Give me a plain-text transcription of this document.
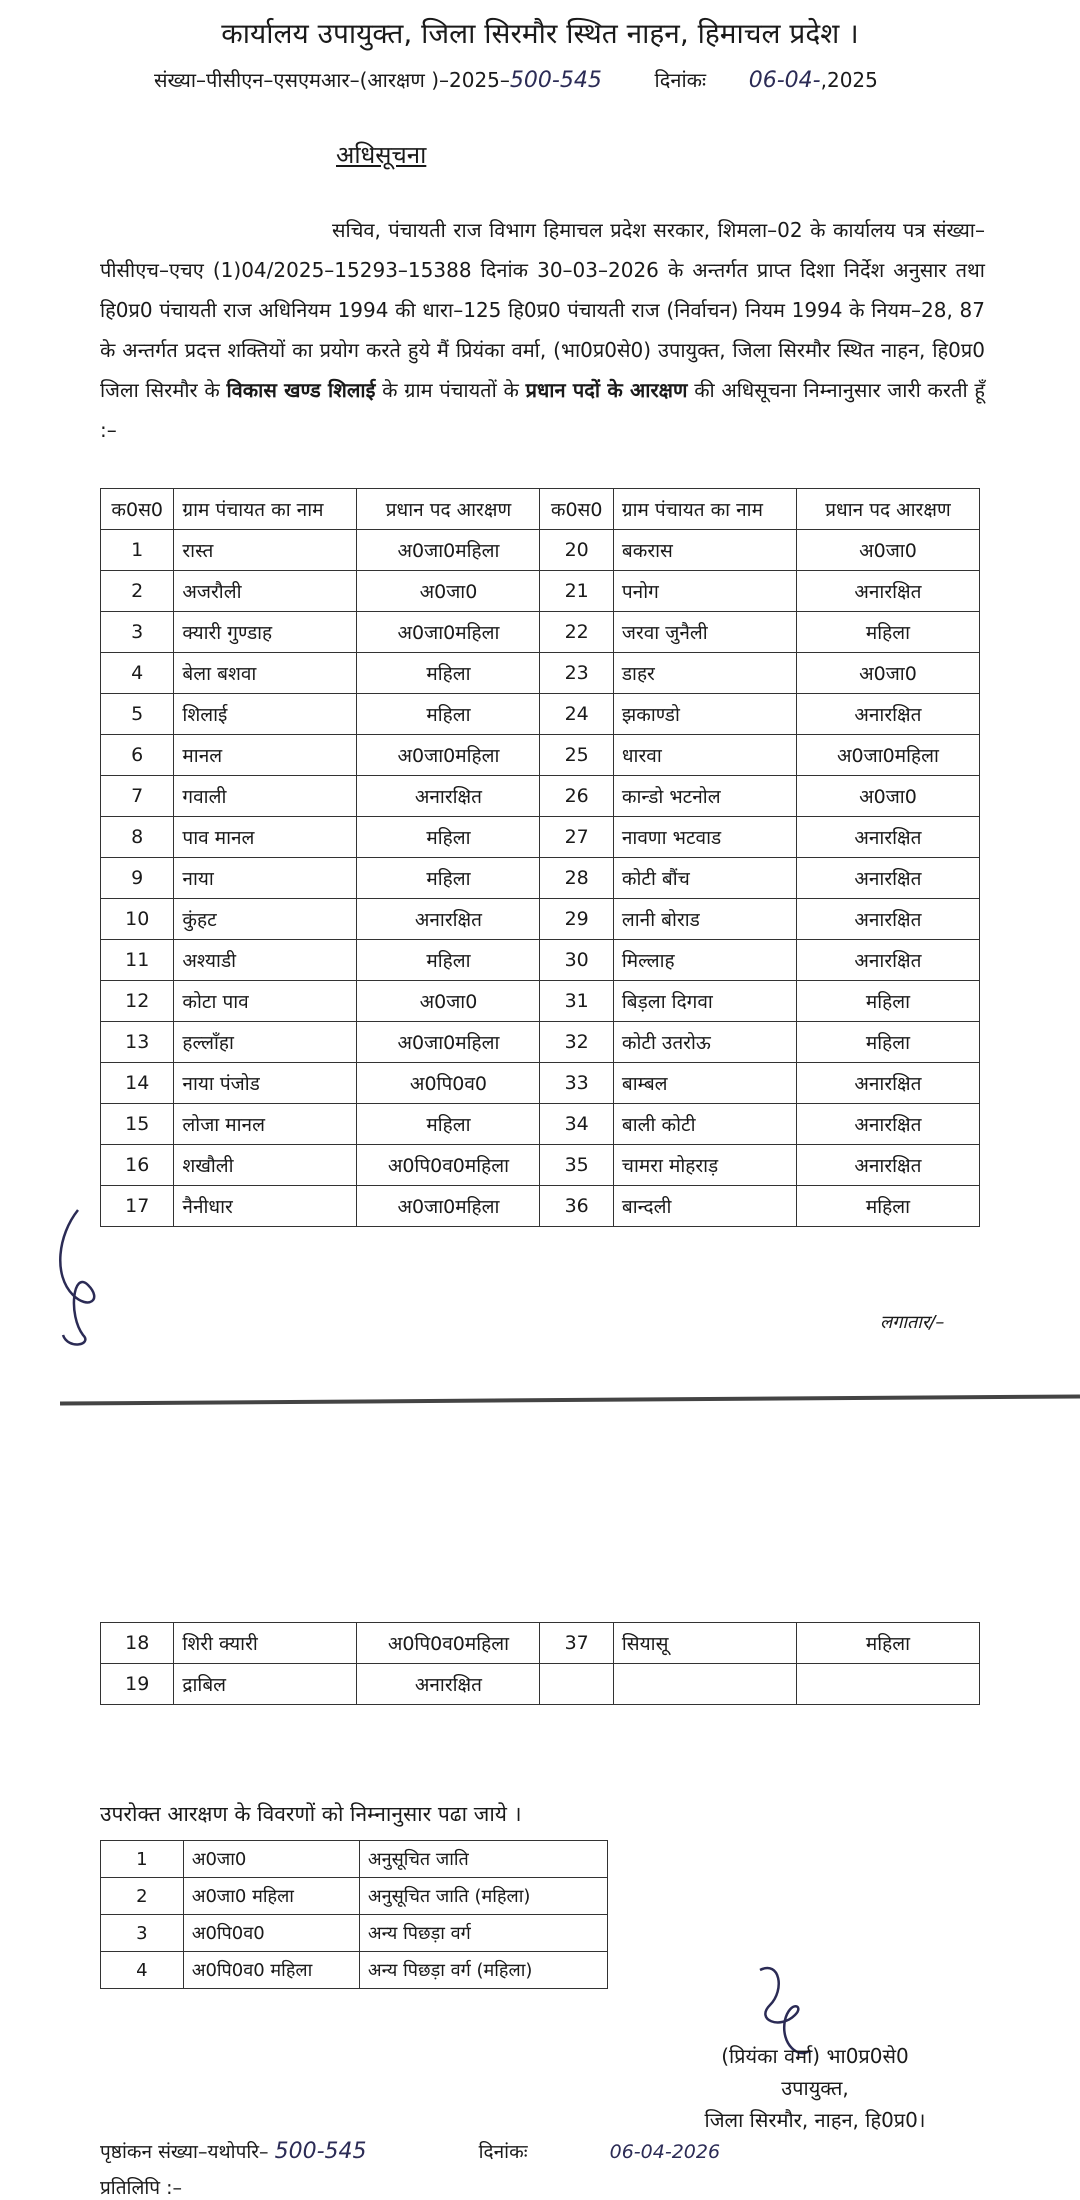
कार्यालय उपायुक्त, जिला सिरमौर स्थित नाहन, हिमाचल प्रदेश ।
संख्या–पीसीएन–एसएमआर–(आरक्षण )–2025–500-545	दिनांकः 06-04-,2025
अधिसूचना
सचिव, पंचायती राज विभाग हिमाचल प्रदेश सरकार, शिमला–02 के कार्यालय पत्र संख्या–पीसीएच–एचए (1)04/2025–15293–15388 दिनांक 30–03–2026 के अन्तर्गत प्राप्त दिशा निर्देश अनुसार तथा हि0प्र0 पंचायती राज अधिनियम 1994 की धारा–125 हि0प्र0 पंचायती राज (निर्वाचन) नियम 1994 के नियम–28, 87 के अन्तर्गत प्रदत्त शक्तियों का प्रयोग करते हुये मैं प्रियंका वर्मा, (भा0प्र0से0) उपायुक्त, जिला सिरमौर स्थित नाहन, हि0प्र0 जिला सिरमौर के विकास खण्ड शिलाई के ग्राम पंचायतों के प्रधान पदों के आरक्षण की अधिसूचना निम्नानुसार जारी करती हूँ :–
क0स0	ग्राम पंचायत का नाम	प्रधान पद आरक्षण	क0स0	ग्राम पंचायत का नाम	प्रधान पद आरक्षण
1	रास्त	अ0जा0महिला	20	बकरास	अ0जा0
2	अजरौली	अ0जा0	21	पनोग	अनारक्षित
3	क्यारी गुण्डाह	अ0जा0महिला	22	जरवा जुनैली	महिला
4	बेला बशवा	महिला	23	डाहर	अ0जा0
5	शिलाई	महिला	24	झकाण्डो	अनारक्षित
6	मानल	अ0जा0महिला	25	धारवा	अ0जा0महिला
7	गवाली	अनारक्षित	26	कान्डो भटनोल	अ0जा0
8	पाव मानल	महिला	27	नावणा भटवाड	अनारक्षित
9	नाया	महिला	28	कोटी बौंच	अनारक्षित
10	कुंहट	अनारक्षित	29	लानी बोराड	अनारक्षित
11	अश्याडी	महिला	30	मिल्लाह	अनारक्षित
12	कोटा पाव	अ0जा0	31	बिड़ला दिगवा	महिला
13	हल्लाँहा	अ0जा0महिला	32	कोटी उतरोऊ	महिला
14	नाया पंजोड	अ0पि0व0	33	बाम्बल	अनारक्षित
15	लोजा मानल	महिला	34	बाली कोटी	अनारक्षित
16	शखौली	अ0पि0व0महिला	35	चामरा मोहराड़	अनारक्षित
17	नैनीधार	अ0जा0महिला	36	बान्दली	महिला
लगातार/–
18	शिरी क्यारी	अ0पि0व0महिला	37	सियासू	महिला
19	द्राबिल	अनारक्षित			
उपरोक्त आरक्षण के विवरणों को निम्नानुसार पढा जाये ।
1	अ0जा0	अनुसूचित जाति
2	अ0जा0 महिला	अनुसूचित जाति (महिला)
3	अ0पि0व0	अन्य पिछड़ा वर्ग
4	अ0पि0व0 महिला	अन्य पिछड़ा वर्ग (महिला)
(प्रियंका वर्मा) भा0प्र0से0
उपायुक्त,
जिला सिरमौर, नाहन, हि0प्र0।
पृष्ठांकन संख्या–यथोपरि– 500-545	दिनांकः	06-04-2026
प्रतिलिपि :–
